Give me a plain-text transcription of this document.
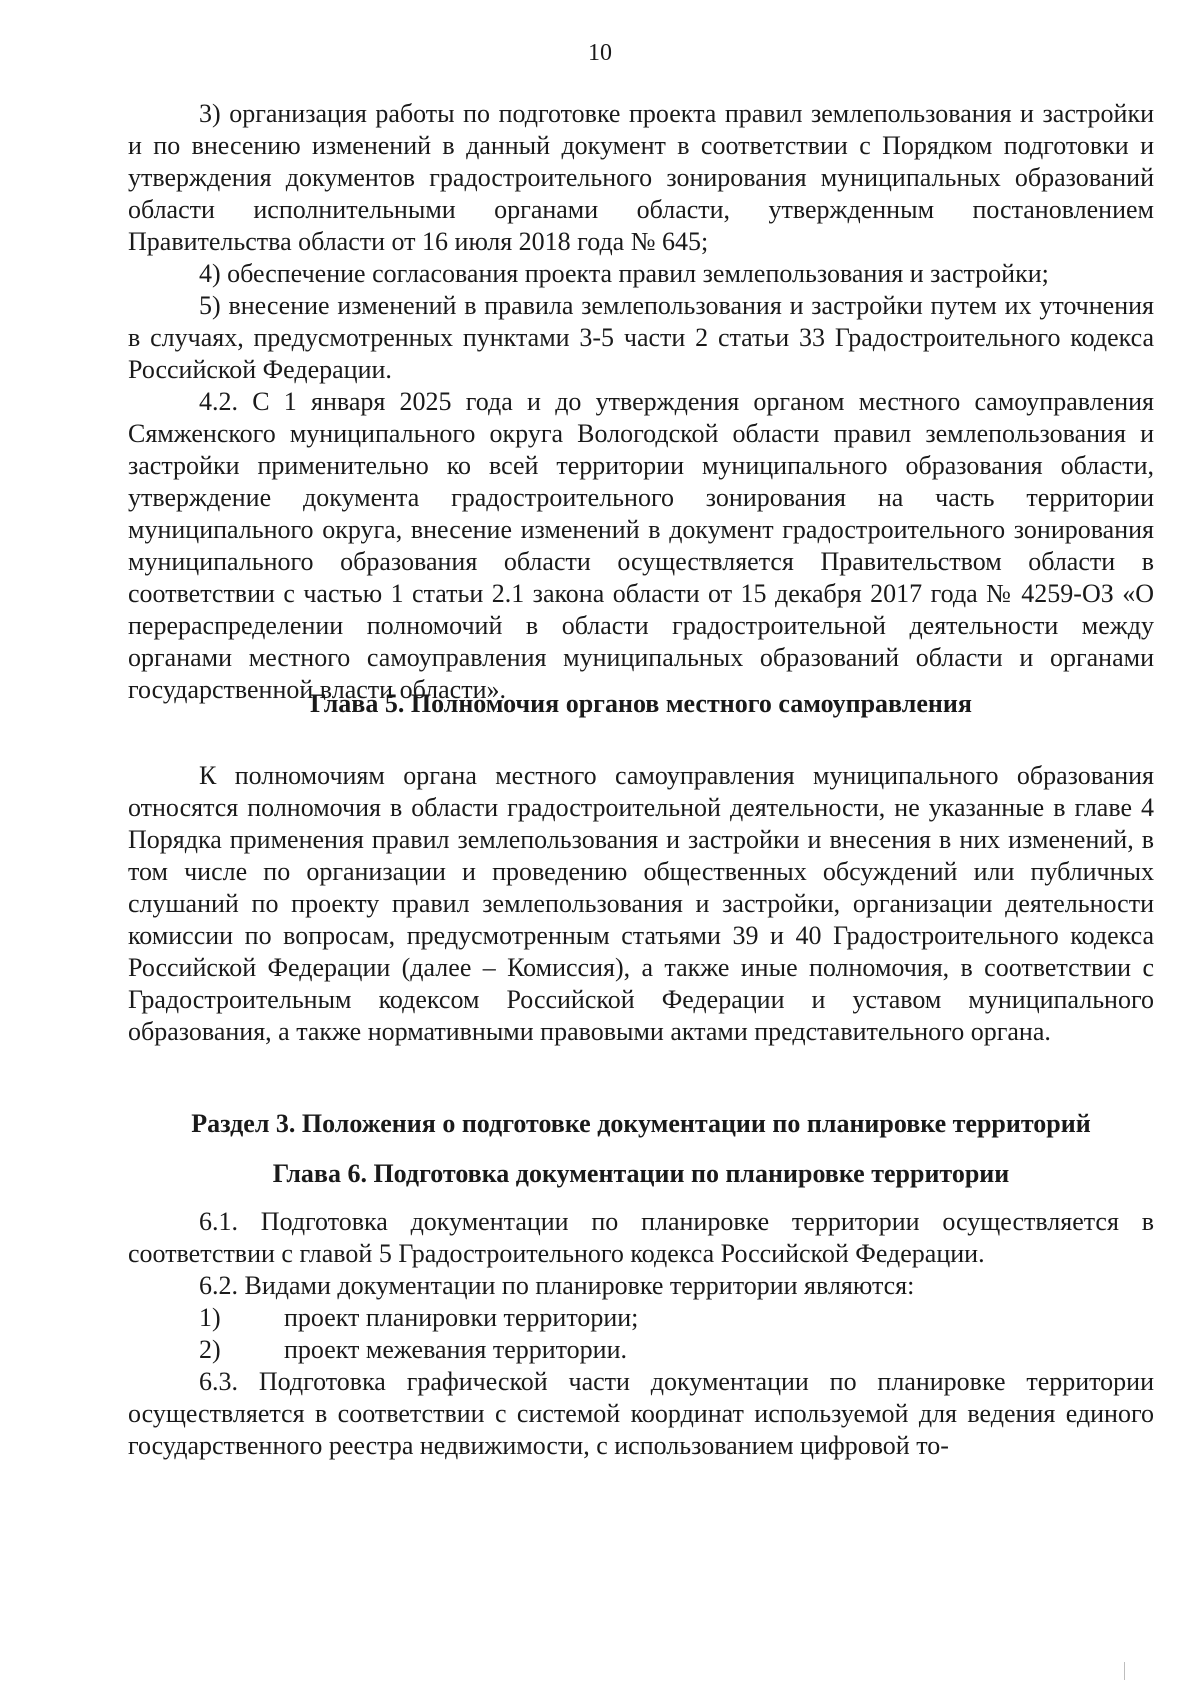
10

3) организация работы по подготовке проекта правил землепользования и застройки и по внесению изменений в данный документ в соответствии с Порядком подготовки и утверждения документов градостроительного зонирования муниципальных образований области исполнительными органами области, утвержденным постановлением Правительства области от 16 июля 2018 года № 645;

4) обеспечение согласования проекта правил землепользования и застройки;

5) внесение изменений в правила землепользования и застройки путем их уточнения в случаях, предусмотренных пунктами 3-5 части 2 статьи 33 Градостроительного кодекса Российской Федерации.

4.2. С 1 января 2025 года и до утверждения органом местного самоуправления Сямженского муниципального округа Вологодской области правил землепользования и застройки применительно ко всей территории муниципального образования области, утверждение документа градостроительного зонирования на часть территории муниципального округа, внесение изменений в документ градостроительного зонирования муниципального образования области осуществляется Правительством области в соответствии с частью 1 статьи 2.1 закона области от 15 декабря 2017 года № 4259-ОЗ «О перераспределении полномочий в области градостроительной деятельности между органами местного самоуправления муниципальных образований области и органами государственной власти области».

Глава 5. Полномочия органов местного самоуправления

К полномочиям органа местного самоуправления муниципального образования относятся полномочия в области градостроительной деятельности, не указанные в главе 4 Порядка применения правил землепользования и застройки и внесения в них изменений, в том числе по организации и проведению общественных обсуждений или публичных слушаний по проекту правил землепользования и застройки, организации деятельности комиссии по вопросам, предусмотренным статьями 39 и 40 Градостроительного кодекса Российской Федерации (далее – Комиссия), а также иные полномочия, в соответствии с Градостроительным кодексом Российской Федерации и уставом муниципального образования, а также нормативными правовыми актами представительного органа.

Раздел 3. Положения о подготовке документации по планировке территорий
Глава 6. Подготовка документации по планировке территории

6.1. Подготовка документации по планировке территории осуществляется в соответствии с главой 5 Градостроительного кодекса Российской Федерации.

6.2. Видами документации по планировке территории являются:

1) проект планировки территории;
2) проект межевания территории.

6.3. Подготовка графической части документации по планировке территории осуществляется в соответствии с системой координат используемой для ведения единого государственного реестра недвижимости, с использованием цифровой то-
